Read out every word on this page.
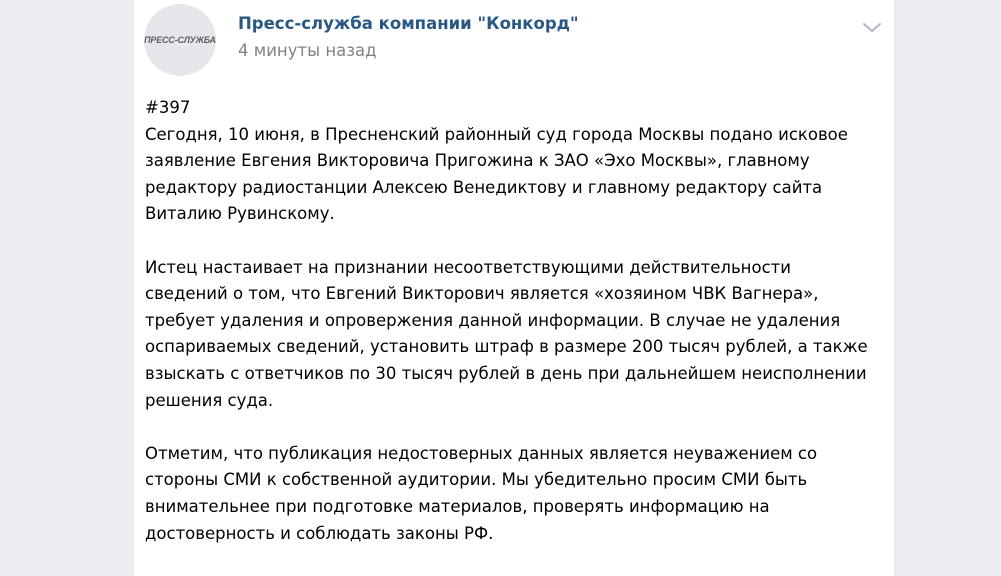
ПРЕСС-СЛУЖБА
Пресс-служба компании "Конкорд"
4 минуты назад

#397
Сегодня, 10 июня, в Пресненский районный суд города Москвы подано исковое
заявление Евгения Викторовича Пригожина к ЗАО «Эхо Москвы», главному
редактору радиостанции Алексею Венедиктову и главному редактору сайта
Виталию Рувинскому.

Истец настаивает на признании несоответствующими действительности
сведений о том, что Евгений Викторович является «хозяином ЧВК Вагнера»,
требует удаления и опровержения данной информации. В случае не удаления
оспариваемых сведений, установить штраф в размере 200 тысяч рублей, а также
взыскать с ответчиков по 30 тысяч рублей в день при дальнейшем неисполнении
решения суда.

Отметим, что публикация недостоверных данных является неуважением со
стороны СМИ к собственной аудитории. Мы убедительно просим СМИ быть
внимательнее при подготовке материалов, проверять информацию на
достоверность и соблюдать законы РФ.
